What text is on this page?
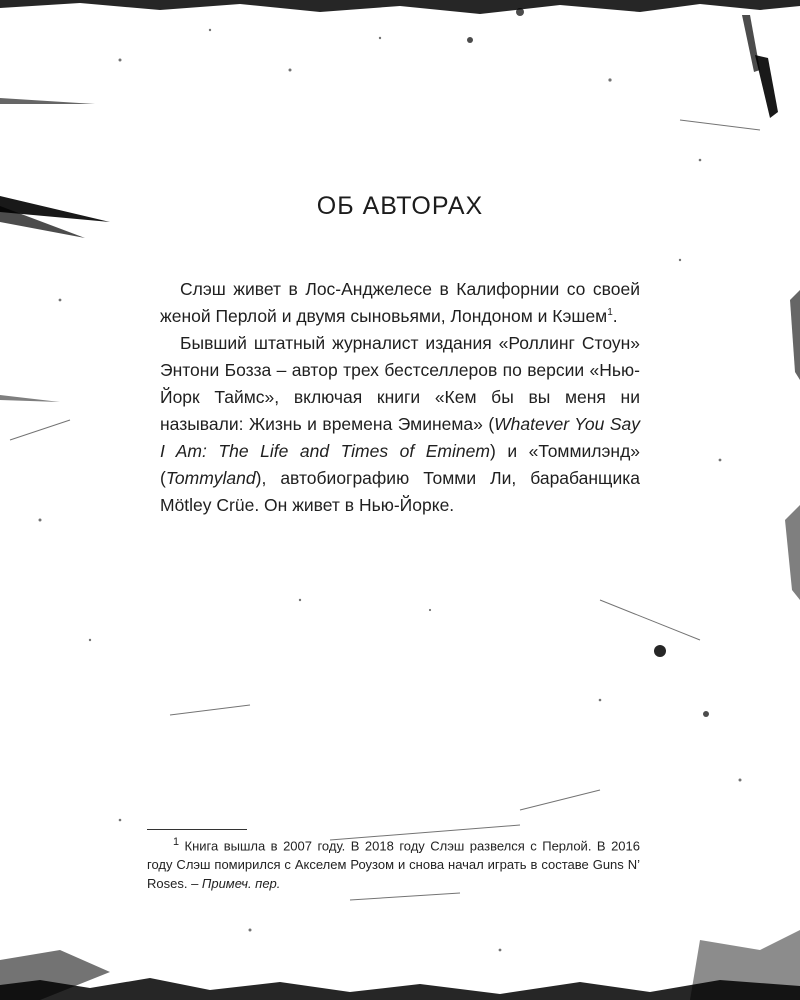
ОБ АВТОРАХ

Слэш живет в Лос-Анджелесе в Калифорнии со своей женой Перлой и двумя сыновьями, Лондоном и Кэшем$^1$.

Бывший штатный журналист издания «Роллинг Стоун» Энтони Бозза – автор трех бестселлеров по версии «Нью-Йорк Таймс», включая книги «Кем бы вы меня ни называли: Жизнь и времена Эминема» (Whatever You Say I Am: The Life and Times of Eminem) и «Томмилэнд» (Tommyland), автобиографию Томми Ли, барабанщика Mötley Crüe. Он живет в Нью-Йорке.

$^1$ Книга вышла в 2007 году. В 2018 году Слэш развелся с Перлой. В 2016 году Слэш помирился с Акселем Роузом и снова начал играть в составе Guns N’ Roses. – Примеч. пер.
